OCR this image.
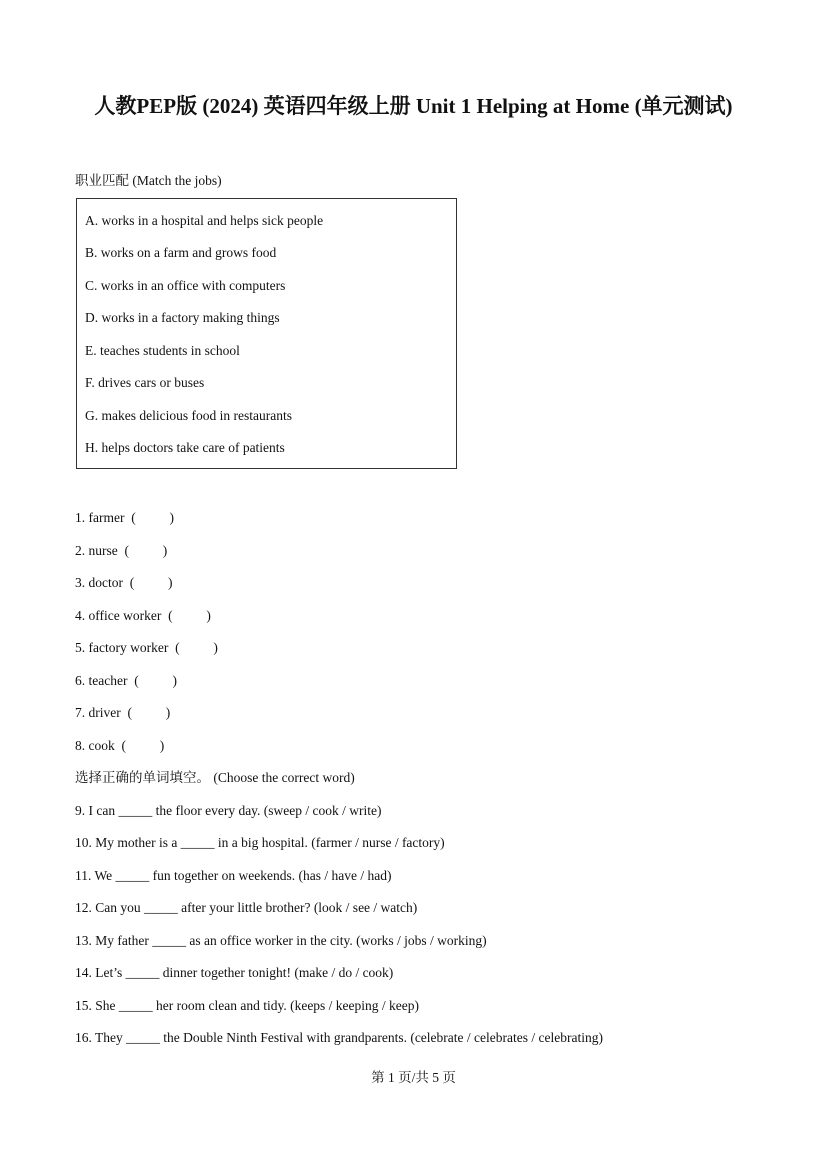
人教PEP版 (2024) 英语四年级上册 Unit 1 Helping at Home (单元测试)
职业匹配 (Match the jobs)
A. works in a hospital and helps sick people
B. works on a farm and grows food
C. works in an office with computers
D. works in a factory making things
E. teaches students in school
F. drives cars or buses
G. makes delicious food in restaurants
H. helps doctors take care of patients
1. farmer  (          )
2. nurse  (          )
3. doctor  (          )
4. office worker  (          )
5. factory worker  (          )
6. teacher  (          )
7. driver  (          )
8. cook  (          )
选择正确的单词填空。 (Choose the correct word)
9. I can _____ the floor every day. (sweep / cook / write)
10. My mother is a _____ in a big hospital. (farmer / nurse / factory)
11. We _____ fun together on weekends. (has / have / had)
12. Can you _____ after your little brother? (look / see / watch)
13. My father _____ as an office worker in the city. (works / jobs / working)
14. Let’s _____ dinner together tonight! (make / do / cook)
15. She _____ her room clean and tidy. (keeps / keeping / keep)
16. They _____ the Double Ninth Festival with grandparents. (celebrate / celebrates / celebrating)
第 1 页/共 5 页
